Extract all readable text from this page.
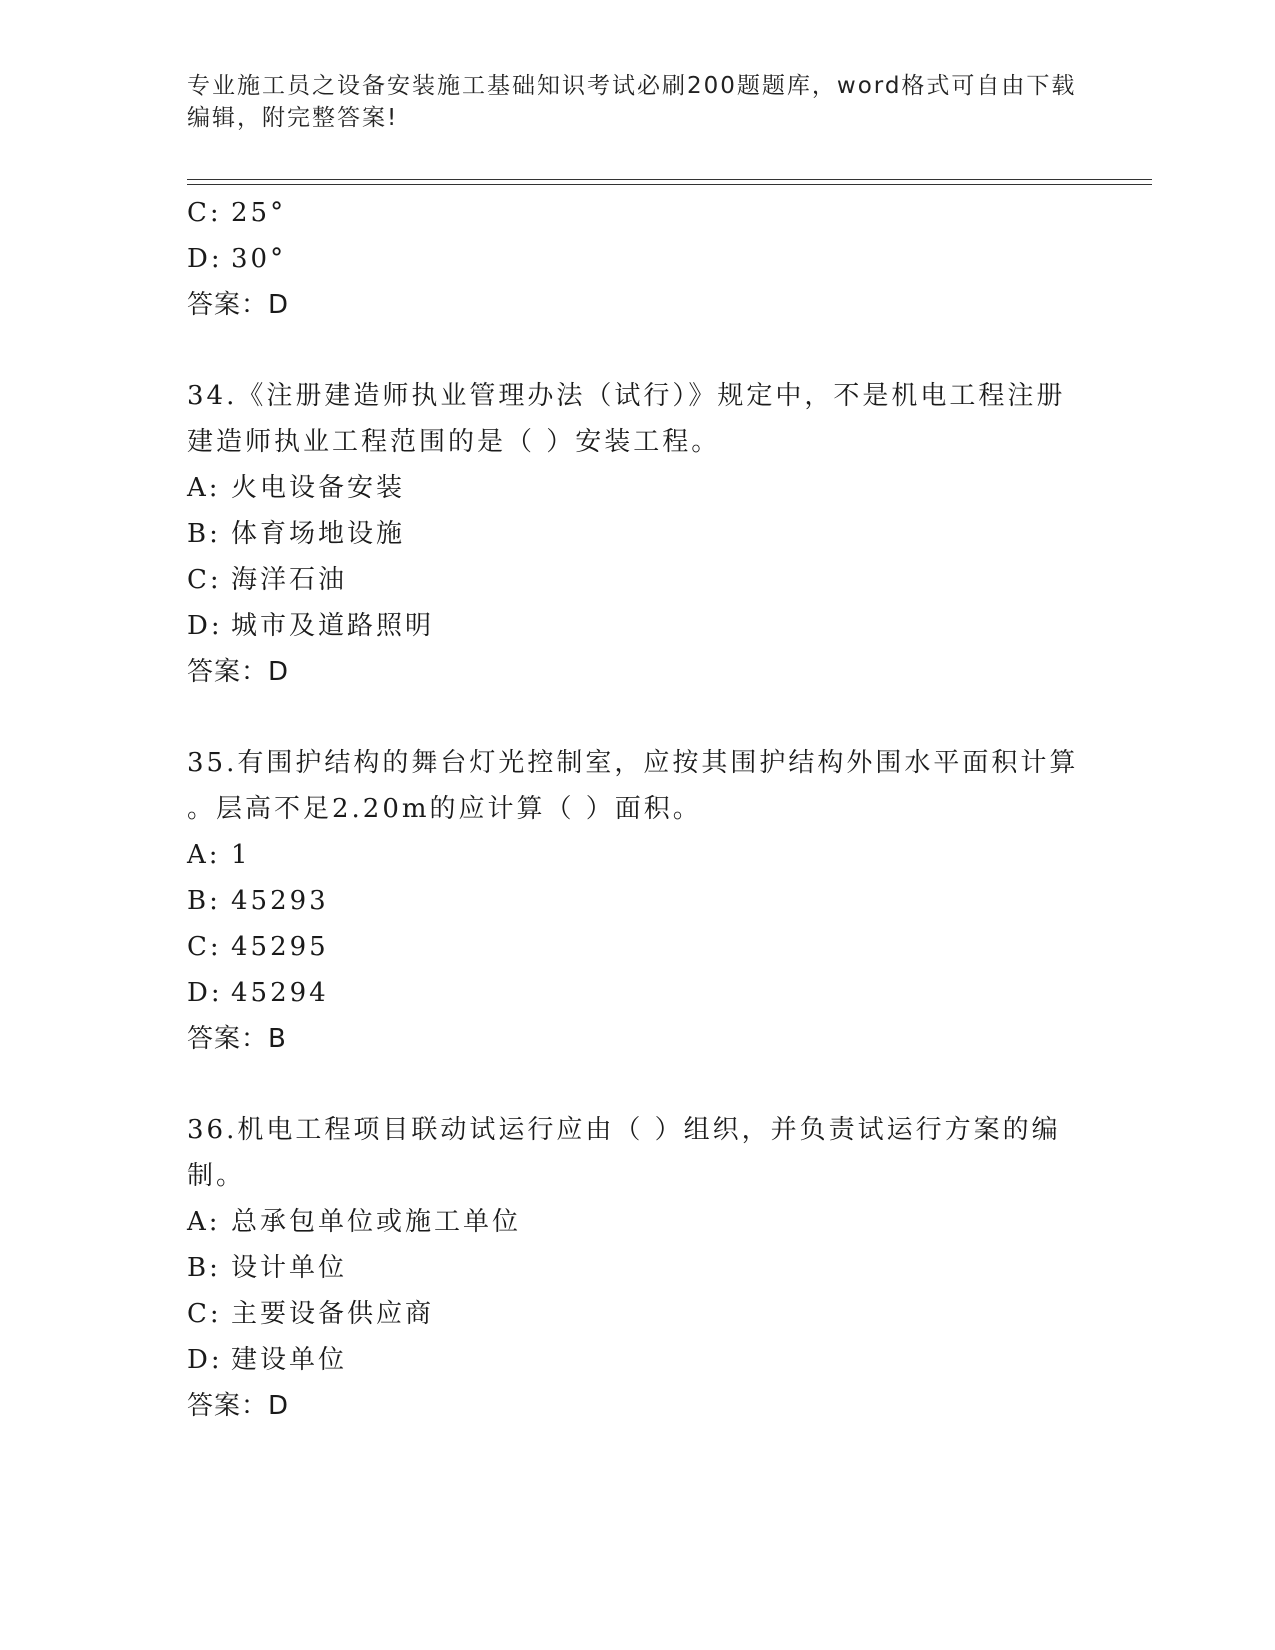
专业施工员之设备安装施工基础知识考试必刷200题题库，word格式可自由下载
编辑，附完整答案!
C: 25°
D: 30°
答案：D
34.《注册建造师执业管理办法（试行）》规定中，不是机电工程注册
建造师执业工程范围的是（ ）安装工程。
A: 火电设备安装
B: 体育场地设施
C: 海洋石油
D: 城市及道路照明
答案：D
35.有围护结构的舞台灯光控制室，应按其围护结构外围水平面积计算
。层高不足2.20m的应计算（ ）面积。
A: 1
B: 45293
C: 45295
D: 45294
答案：B
36.机电工程项目联动试运行应由（ ）组织，并负责试运行方案的编
制。
A: 总承包单位或施工单位
B: 设计单位
C: 主要设备供应商
D: 建设单位
答案：D
